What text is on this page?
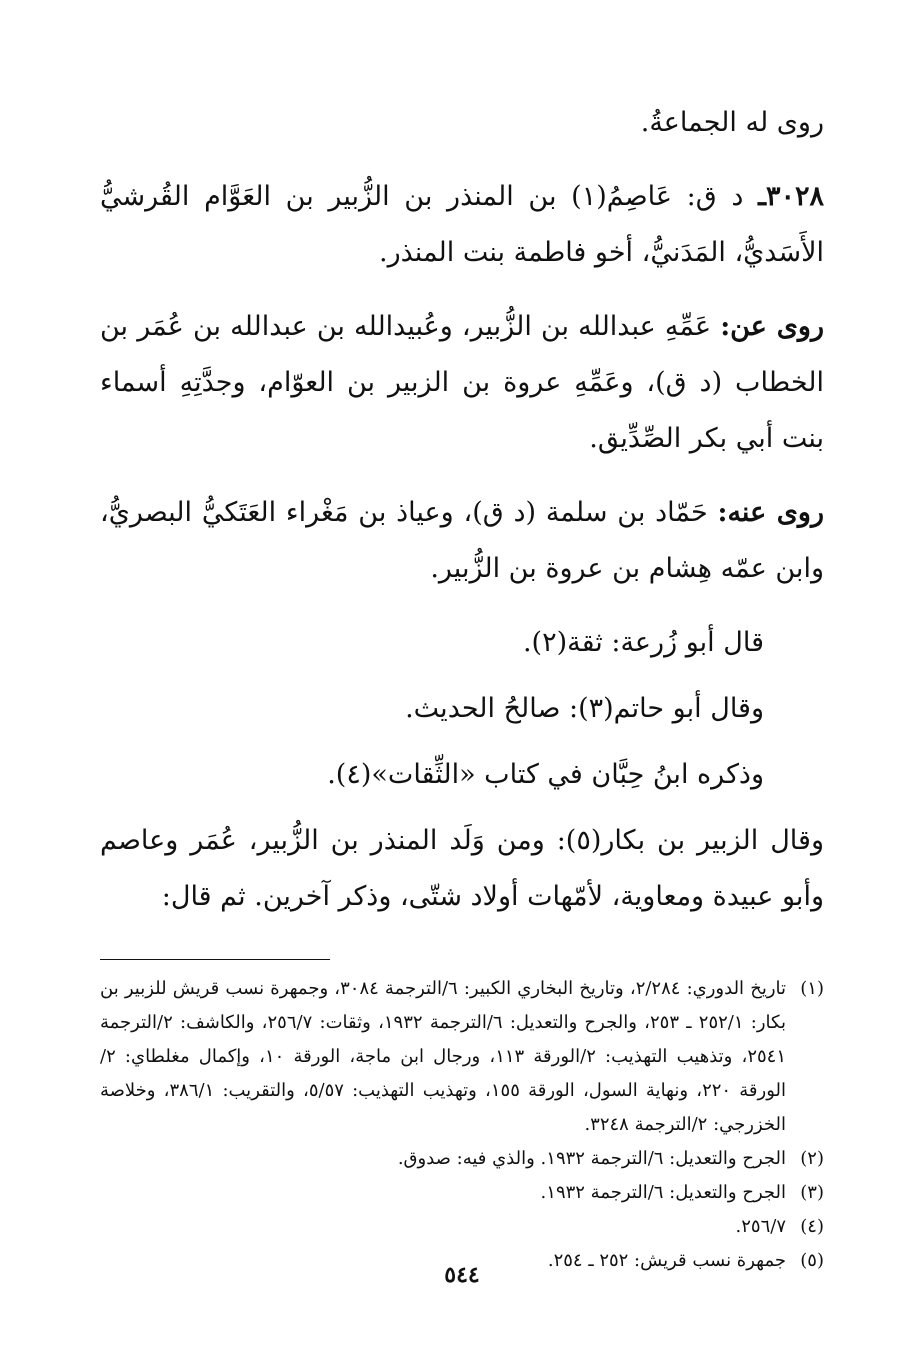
روى له الجماعةُ.

٣٠٢٨ـ د ق: عَاصِمُ(١) بن المنذر بن الزُّبير بن العَوَّام القُرشيُّ الأَسَديُّ، المَدَنيُّ، أخو فاطمة بنت المنذر.

روى عن: عَمِّهِ عبدالله بن الزُّبير، وعُبيدالله بن عبدالله بن عُمَر بن الخطاب (د ق)، وعَمِّهِ عروة بن الزبير بن العوّام، وجدَّتِهِ أسماء بنت أبي بكر الصِّدِّيق.

روى عنه: حَمّاد بن سلمة (د ق)، وعياذ بن مَغْراء العَتَكيُّ البصريُّ، وابن عمّه هِشام بن عروة بن الزُّبير.

قال أبو زُرعة: ثقة(٢).

وقال أبو حاتم(٣): صالحُ الحديث.

وذكره ابنُ حِبَّان في كتاب «الثِّقات»(٤).

وقال الزبير بن بكار(٥): ومن وَلَد المنذر بن الزُّبير، عُمَر وعاصم وأبو عبيدة ومعاوية، لأمّهات أولاد شتّى، وذكر آخرين. ثم قال:

(١)
تاريخ الدوري: ٢/٢٨٤، وتاريخ البخاري الكبير: ٦/الترجمة ٣٠٨٤، وجمهرة نسب قريش للزبير بن بكار: ٢٥٢/١ ـ ٢٥٣، والجرح والتعديل: ٦/الترجمة ١٩٣٢، وثقات: ٢٥٦/٧، والكاشف: ٢/الترجمة ٢٥٤١، وتذهيب التهذيب: ٢/الورقة ١١٣، ورجال ابن ماجة، الورقة ١٠، وإكمال مغلطاي: ٢/الورقة ٢٢٠، ونهاية السول، الورقة ١٥٥، وتهذيب التهذيب: ٥/٥٧، والتقريب: ٣٨٦/١، وخلاصة الخزرجي: ٢/الترجمة ٣٢٤٨.
(٢)
الجرح والتعديل: ٦/الترجمة ١٩٣٢. والذي فيه: صدوق.
(٣)
الجرح والتعديل: ٦/الترجمة ١٩٣٢.
(٤)
٢٥٦/٧.
(٥)
جمهرة نسب قريش: ٢٥٢ ـ ٢٥٤.
٥٤٤
